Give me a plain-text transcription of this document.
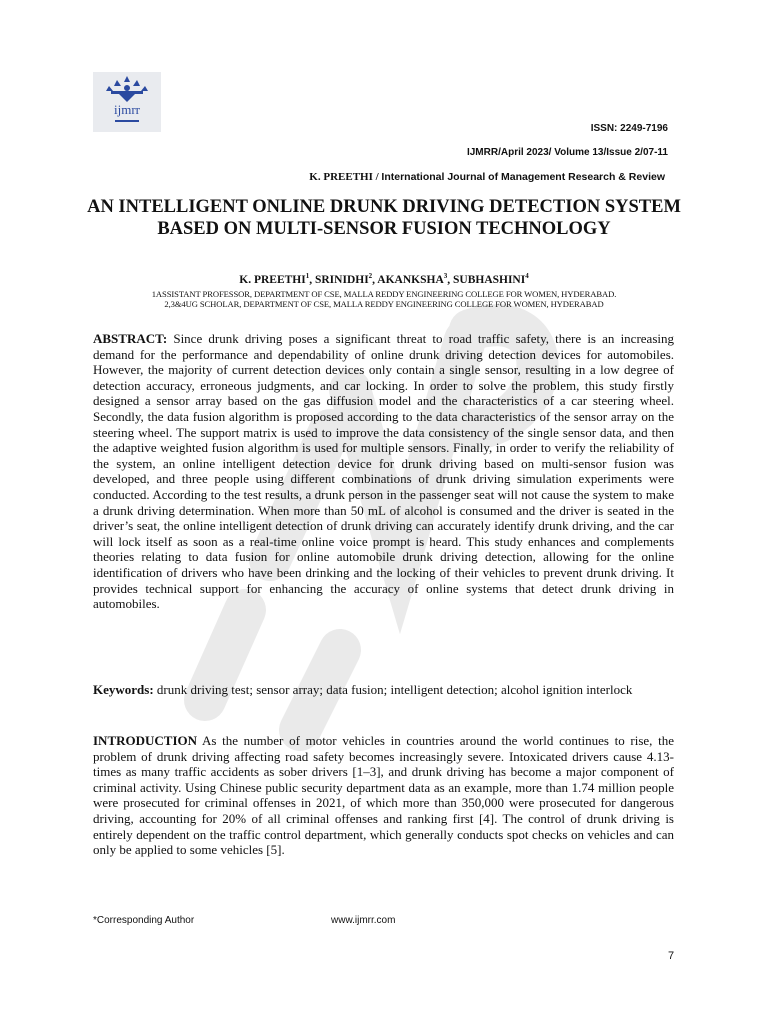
ijmrr
ISSN: 2249-7196
IJMRR/April 2023/ Volume 13/Issue 2/07-11
K. PREETHI / International Journal of Management Research & Review
AN INTELLIGENT ONLINE DRUNK DRIVING DETECTION SYSTEM BASED ON MULTI-SENSOR FUSION TECHNOLOGY
K. PREETHI$^1$, SRINIDHI$^2$, AKANKSHA$^3$, SUBHASHINI$^4$
1ASSISTANT PROFESSOR, DEPARTMENT OF CSE, MALLA REDDY ENGINEERING COLLEGE FOR WOMEN, HYDERABAD.
2,3&4UG SCHOLAR, DEPARTMENT OF CSE, MALLA REDDY ENGINEERING COLLEGE FOR WOMEN, HYDERABAD

ABSTRACT: Since drunk driving poses a significant threat to road traffic safety, there is an increasing demand for the performance and dependability of online drunk driving detection devices for automobiles. However, the majority of current detection devices only contain a single sensor, resulting in a low degree of detection accuracy, erroneous judgments, and car locking. In order to solve the problem, this study firstly designed a sensor array based on the gas diffusion model and the characteristics of a car steering wheel. Secondly, the data fusion algorithm is proposed according to the data characteristics of the sensor array on the steering wheel. The support matrix is used to improve the data consistency of the single sensor data, and then the adaptive weighted fusion algorithm is used for multiple sensors. Finally, in order to verify the reliability of the system, an online intelligent detection device for drunk driving based on multi-sensor fusion was developed, and three people using different combinations of drunk driving simulation experiments were conducted. According to the test results, a drunk person in the passenger seat will not cause the system to make a drunk driving determination. When more than 50 mL of alcohol is consumed and the driver is seated in the driver’s seat, the online intelligent detection of drunk driving can accurately identify drunk driving, and the car will lock itself as soon as a real-time online voice prompt is heard. This study enhances and complements theories relating to data fusion for online automobile drunk driving detection, allowing for the online identification of drivers who have been drinking and the locking of their vehicles to prevent drunk driving. It provides technical support for enhancing the accuracy of online systems that detect drunk driving in automobiles.

Keywords: drunk driving test; sensor array; data fusion; intelligent detection; alcohol ignition interlock

INTRODUCTION As the number of motor vehicles in countries around the world continues to rise, the problem of drunk driving affecting road safety becomes increasingly severe. Intoxicated drivers cause 4.13-times as many traffic accidents as sober drivers [1–3], and drunk driving has become a major component of criminal activity. Using Chinese public security department data as an example, more than 1.74 million people were prosecuted for criminal offenses in 2021, of which more than 350,000 were prosecuted for dangerous driving, accounting for 20% of all criminal offenses and ranking first [4]. The control of drunk driving is entirely dependent on the traffic control department, which generally conducts spot checks on vehicles and can only be applied to some vehicles [5].

*Corresponding Author	www.ijmrr.com
7
